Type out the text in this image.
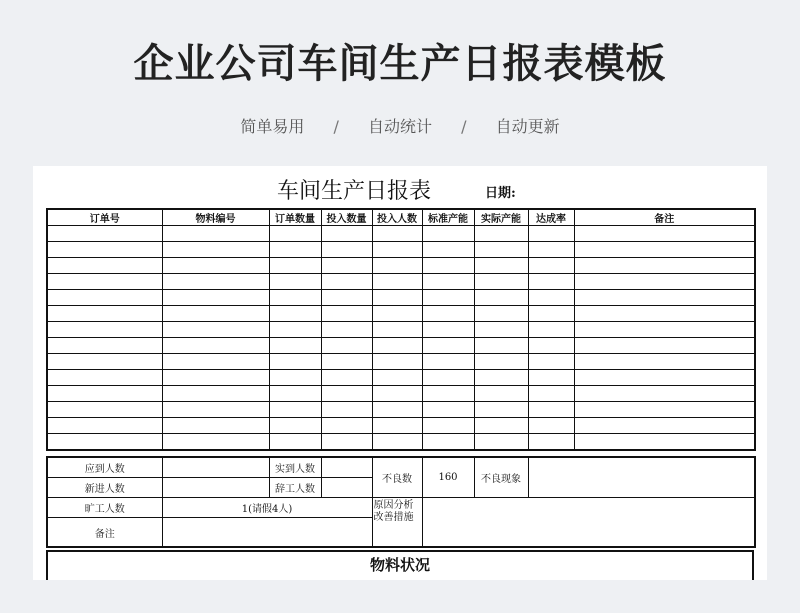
企业公司车间生产日报表模板
简单易用 / 自动统计 / 自动更新
车间生产日报表	日期:
订单号	物料编号	订单数量	投入数量	投入人数	标准产能	实际产能	达成率	备注

应到人数		实到人数		不良数	160	不良现象	
新进人数		辞工人数					
旷工人数	1(请假4人)			原因分析改善措施			
备注							
物料状况
